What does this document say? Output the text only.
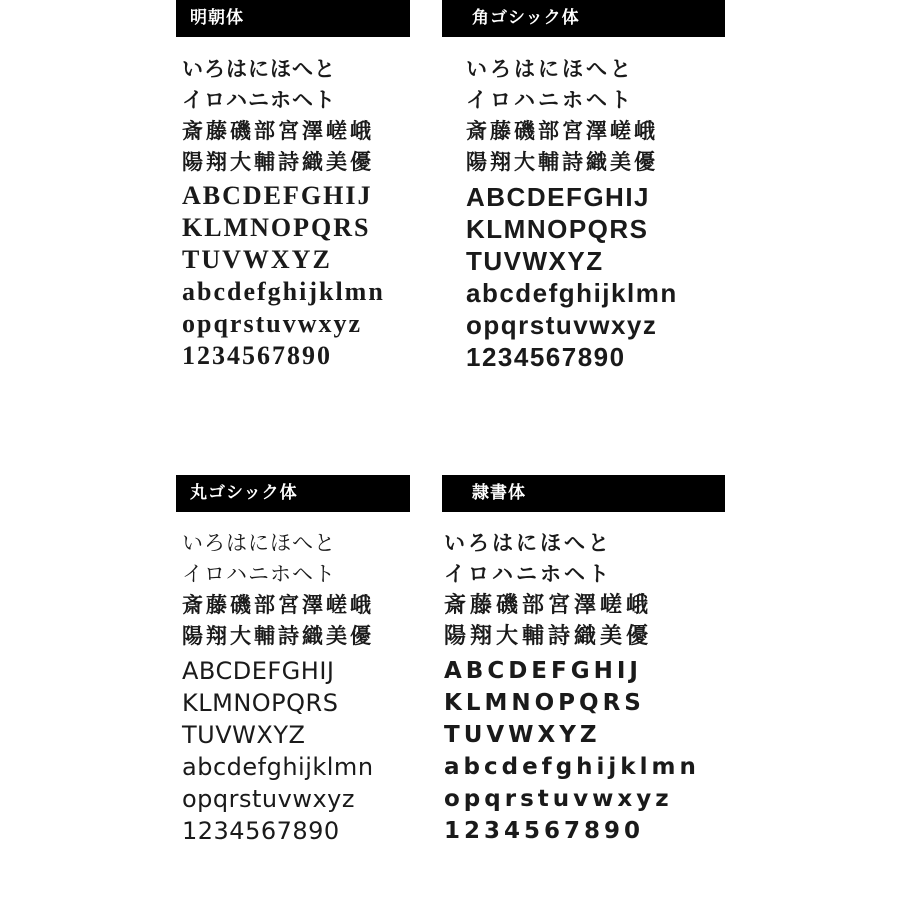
明朝体
いろはにほへと
イロハニホヘト
斎藤磯部宮澤嵯峨
陽翔大輔詩織美優
ABCDEFGHIJ
KLMNOPQRS
TUVWXYZ
abcdefghijklmn
opqrstuvwxyz
1234567890
角ゴシック体
いろはにほへと
イロハニホヘト
斎藤磯部宮澤嵯峨
陽翔大輔詩織美優
ABCDEFGHIJ
KLMNOPQRS
TUVWXYZ
abcdefghijklmn
opqrstuvwxyz
1234567890
丸ゴシック体
いろはにほへと
イロハニホヘト
斎藤磯部宮澤嵯峨
陽翔大輔詩織美優
ABCDEFGHIJ
KLMNOPQRS
TUVWXYZ
abcdefghijklmn
opqrstuvwxyz
1234567890
隷書体
いろはにほへと
イロハニホヘト
斎藤磯部宮澤嵯峨
陽翔大輔詩織美優
ABCDEFGHIJ
KLMNOPQRS
TUVWXYZ
abcdefghijklmn
opqrstuvwxyz
1234567890
